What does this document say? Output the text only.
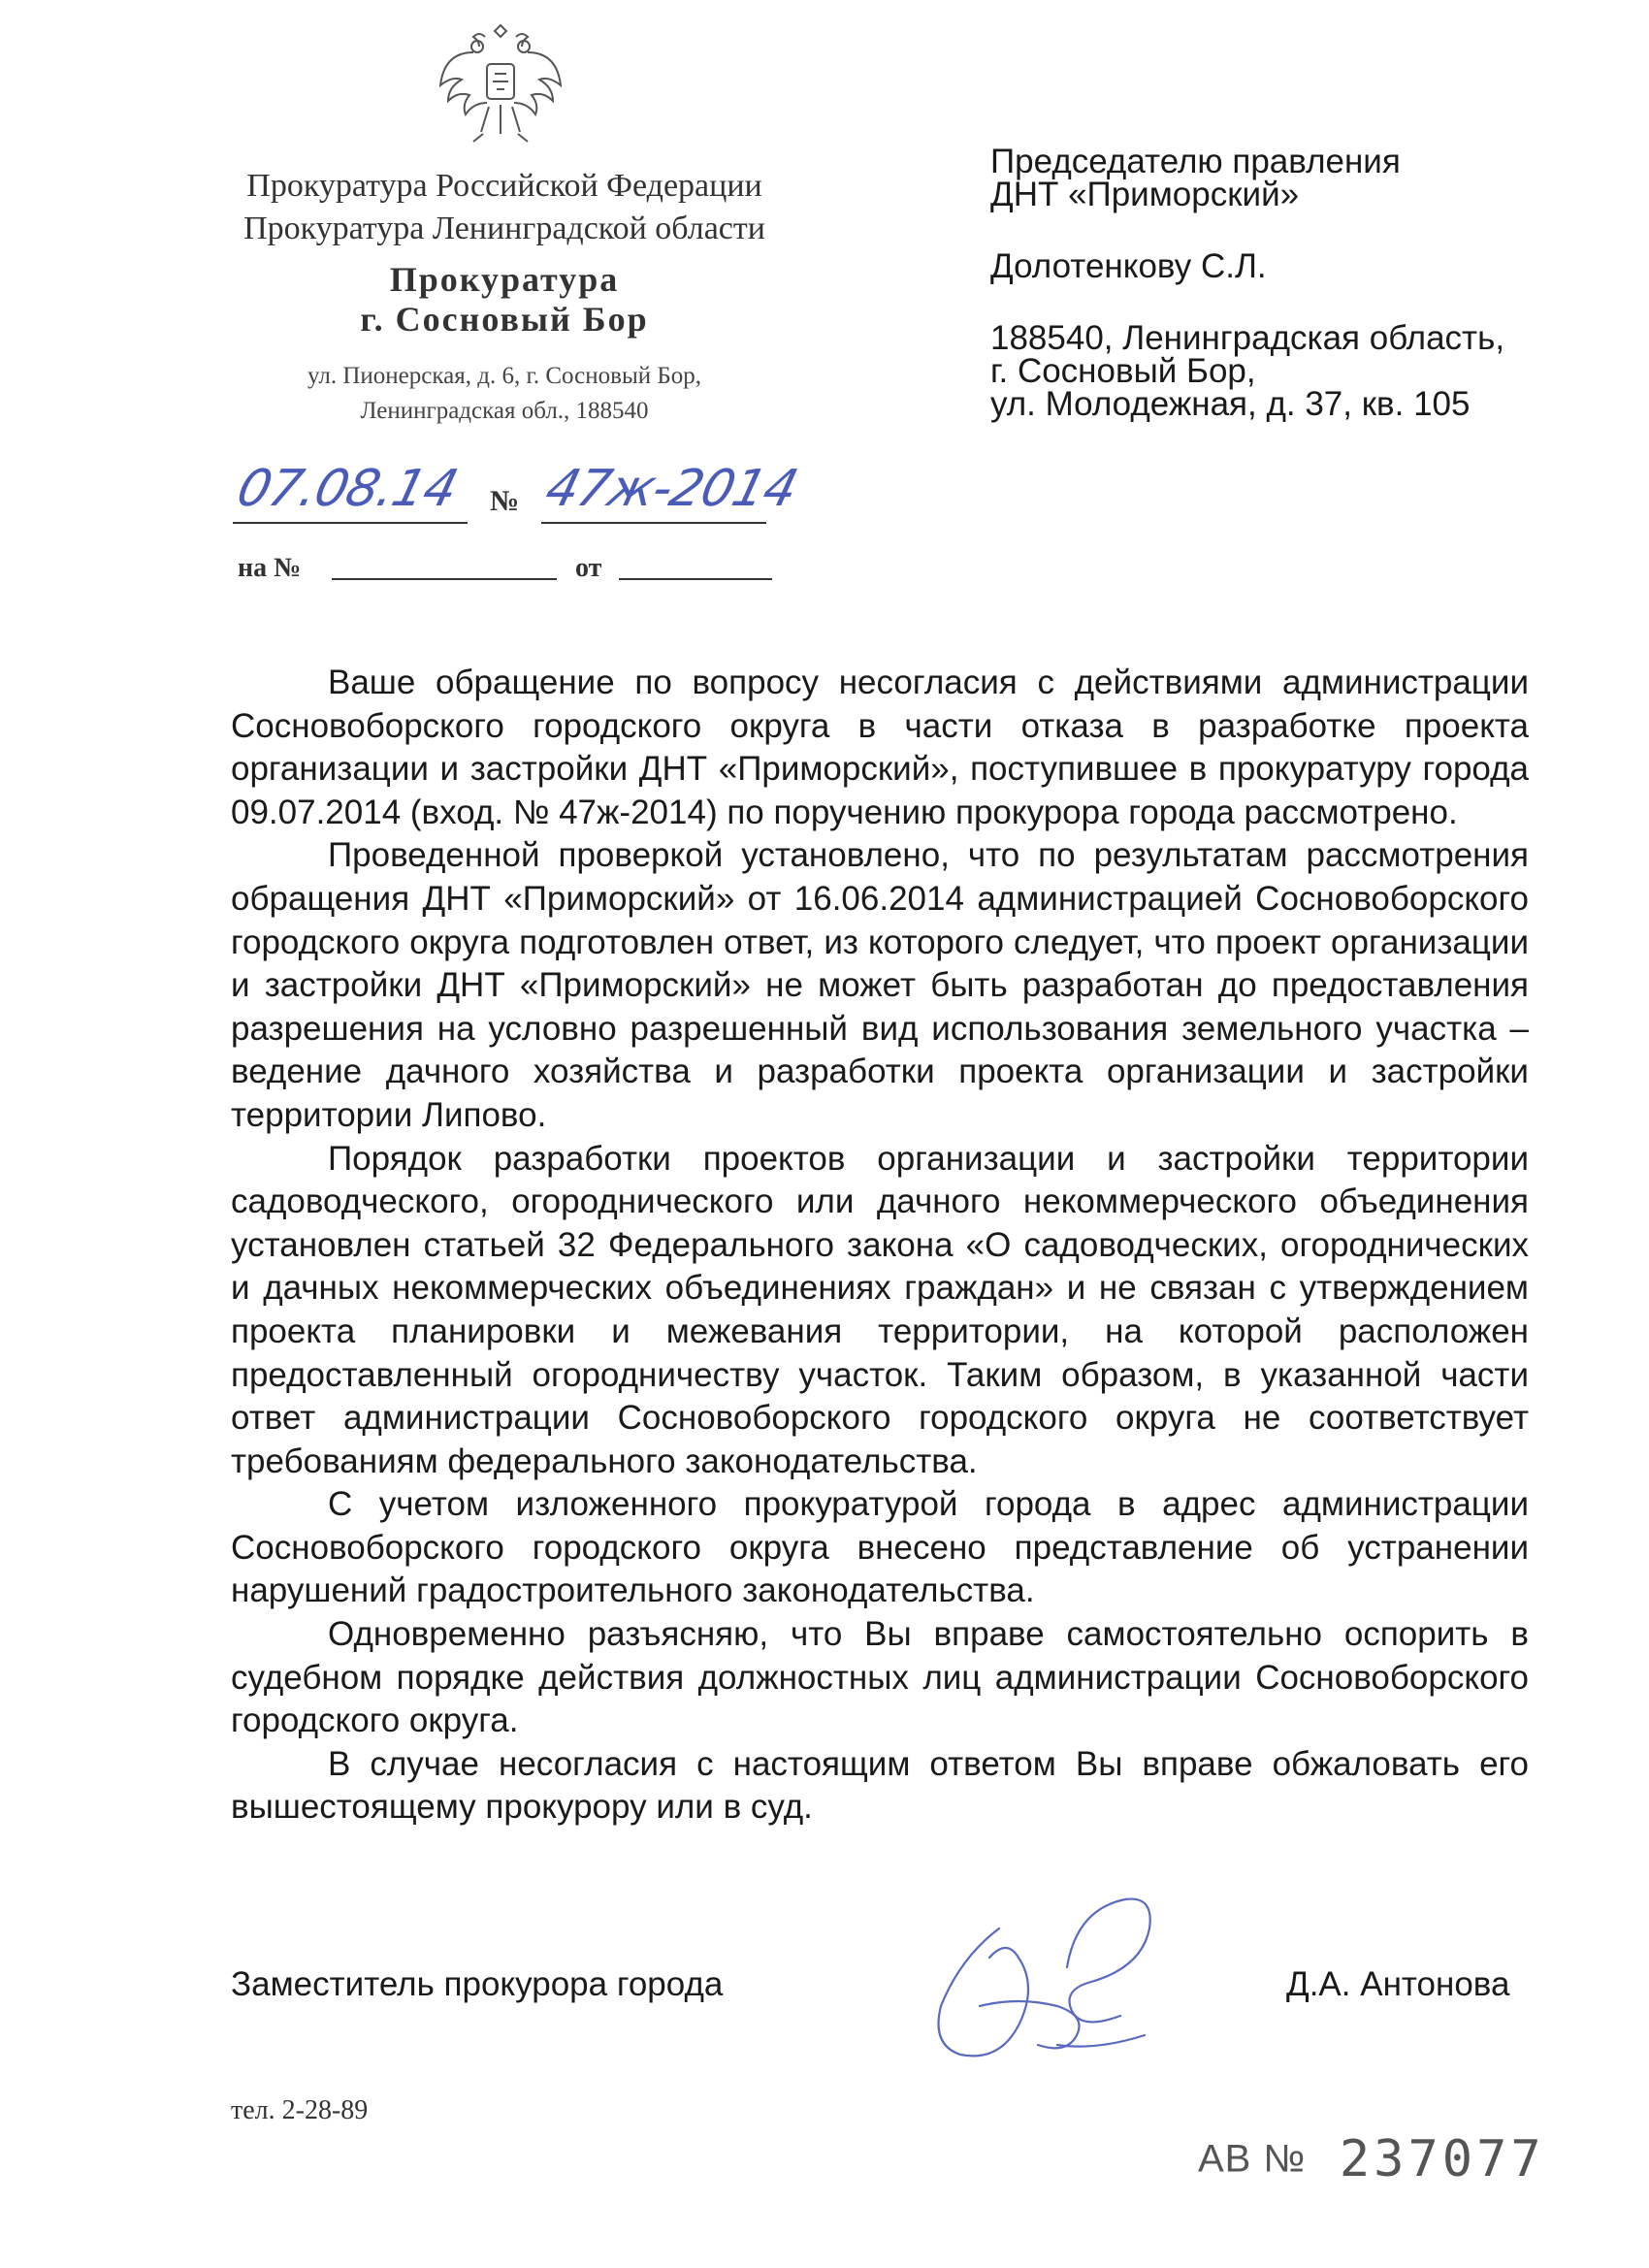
Прокуратура Российской Федерации
Прокуратура Ленинградской области
Прокуратура
г. Сосновый Бор
ул. Пионерская, д. 6, г. Сосновый Бор,
Ленинградская обл., 188540
07.08.14 № 47ж-2014
на №	от
Председателю правления
ДНТ «Приморский»
Долотенкову С.Л.
188540, Ленинградская область,
г. Сосновый Бор,
ул. Молодежная, д. 37, кв. 105

Ваше обращение по вопросу несогласия с действиями администрации Сосновоборского городского округа в части отказа в разработке проекта организации и застройки ДНТ «Приморский», поступившее в прокуратуру города 09.07.2014 (вход. № 47ж-2014) по поручению прокурора города рассмотрено.

Проведенной проверкой установлено, что по результатам рассмотрения обращения ДНТ «Приморский» от 16.06.2014 администрацией Сосновоборского городского округа подготовлен ответ, из которого следует, что проект организации и застройки ДНТ «Приморский» не может быть разработан до предоставления разрешения на условно разрешенный вид использования земельного участка – ведение дачного хозяйства и разработки проекта организации и застройки территории Липово.

Порядок разработки проектов организации и застройки территории садоводческого, огороднического или дачного некоммерческого объединения установлен статьей 32 Федерального закона «О садоводческих, огороднических и дачных некоммерческих объединениях граждан» и не связан с утверждением проекта планировки и межевания территории, на которой расположен предоставленный огородничеству участок. Таким образом, в указанной части ответ администрации Сосновоборского городского округа не соответствует требованиям федерального законодательства.

С учетом изложенного прокуратурой города в адрес администрации Сосновоборского городского округа внесено представление об устранении нарушений градостроительного законодательства.

Одновременно разъясняю, что Вы вправе самостоятельно оспорить в судебном порядке действия должностных лиц администрации Сосновоборского городского округа.

В случае несогласия с настоящим ответом Вы вправе обжаловать его вышестоящему прокурору или в суд.

Заместитель прокурора города	Д.А. Антонова
тел. 2-28-89
АВ № 237077
